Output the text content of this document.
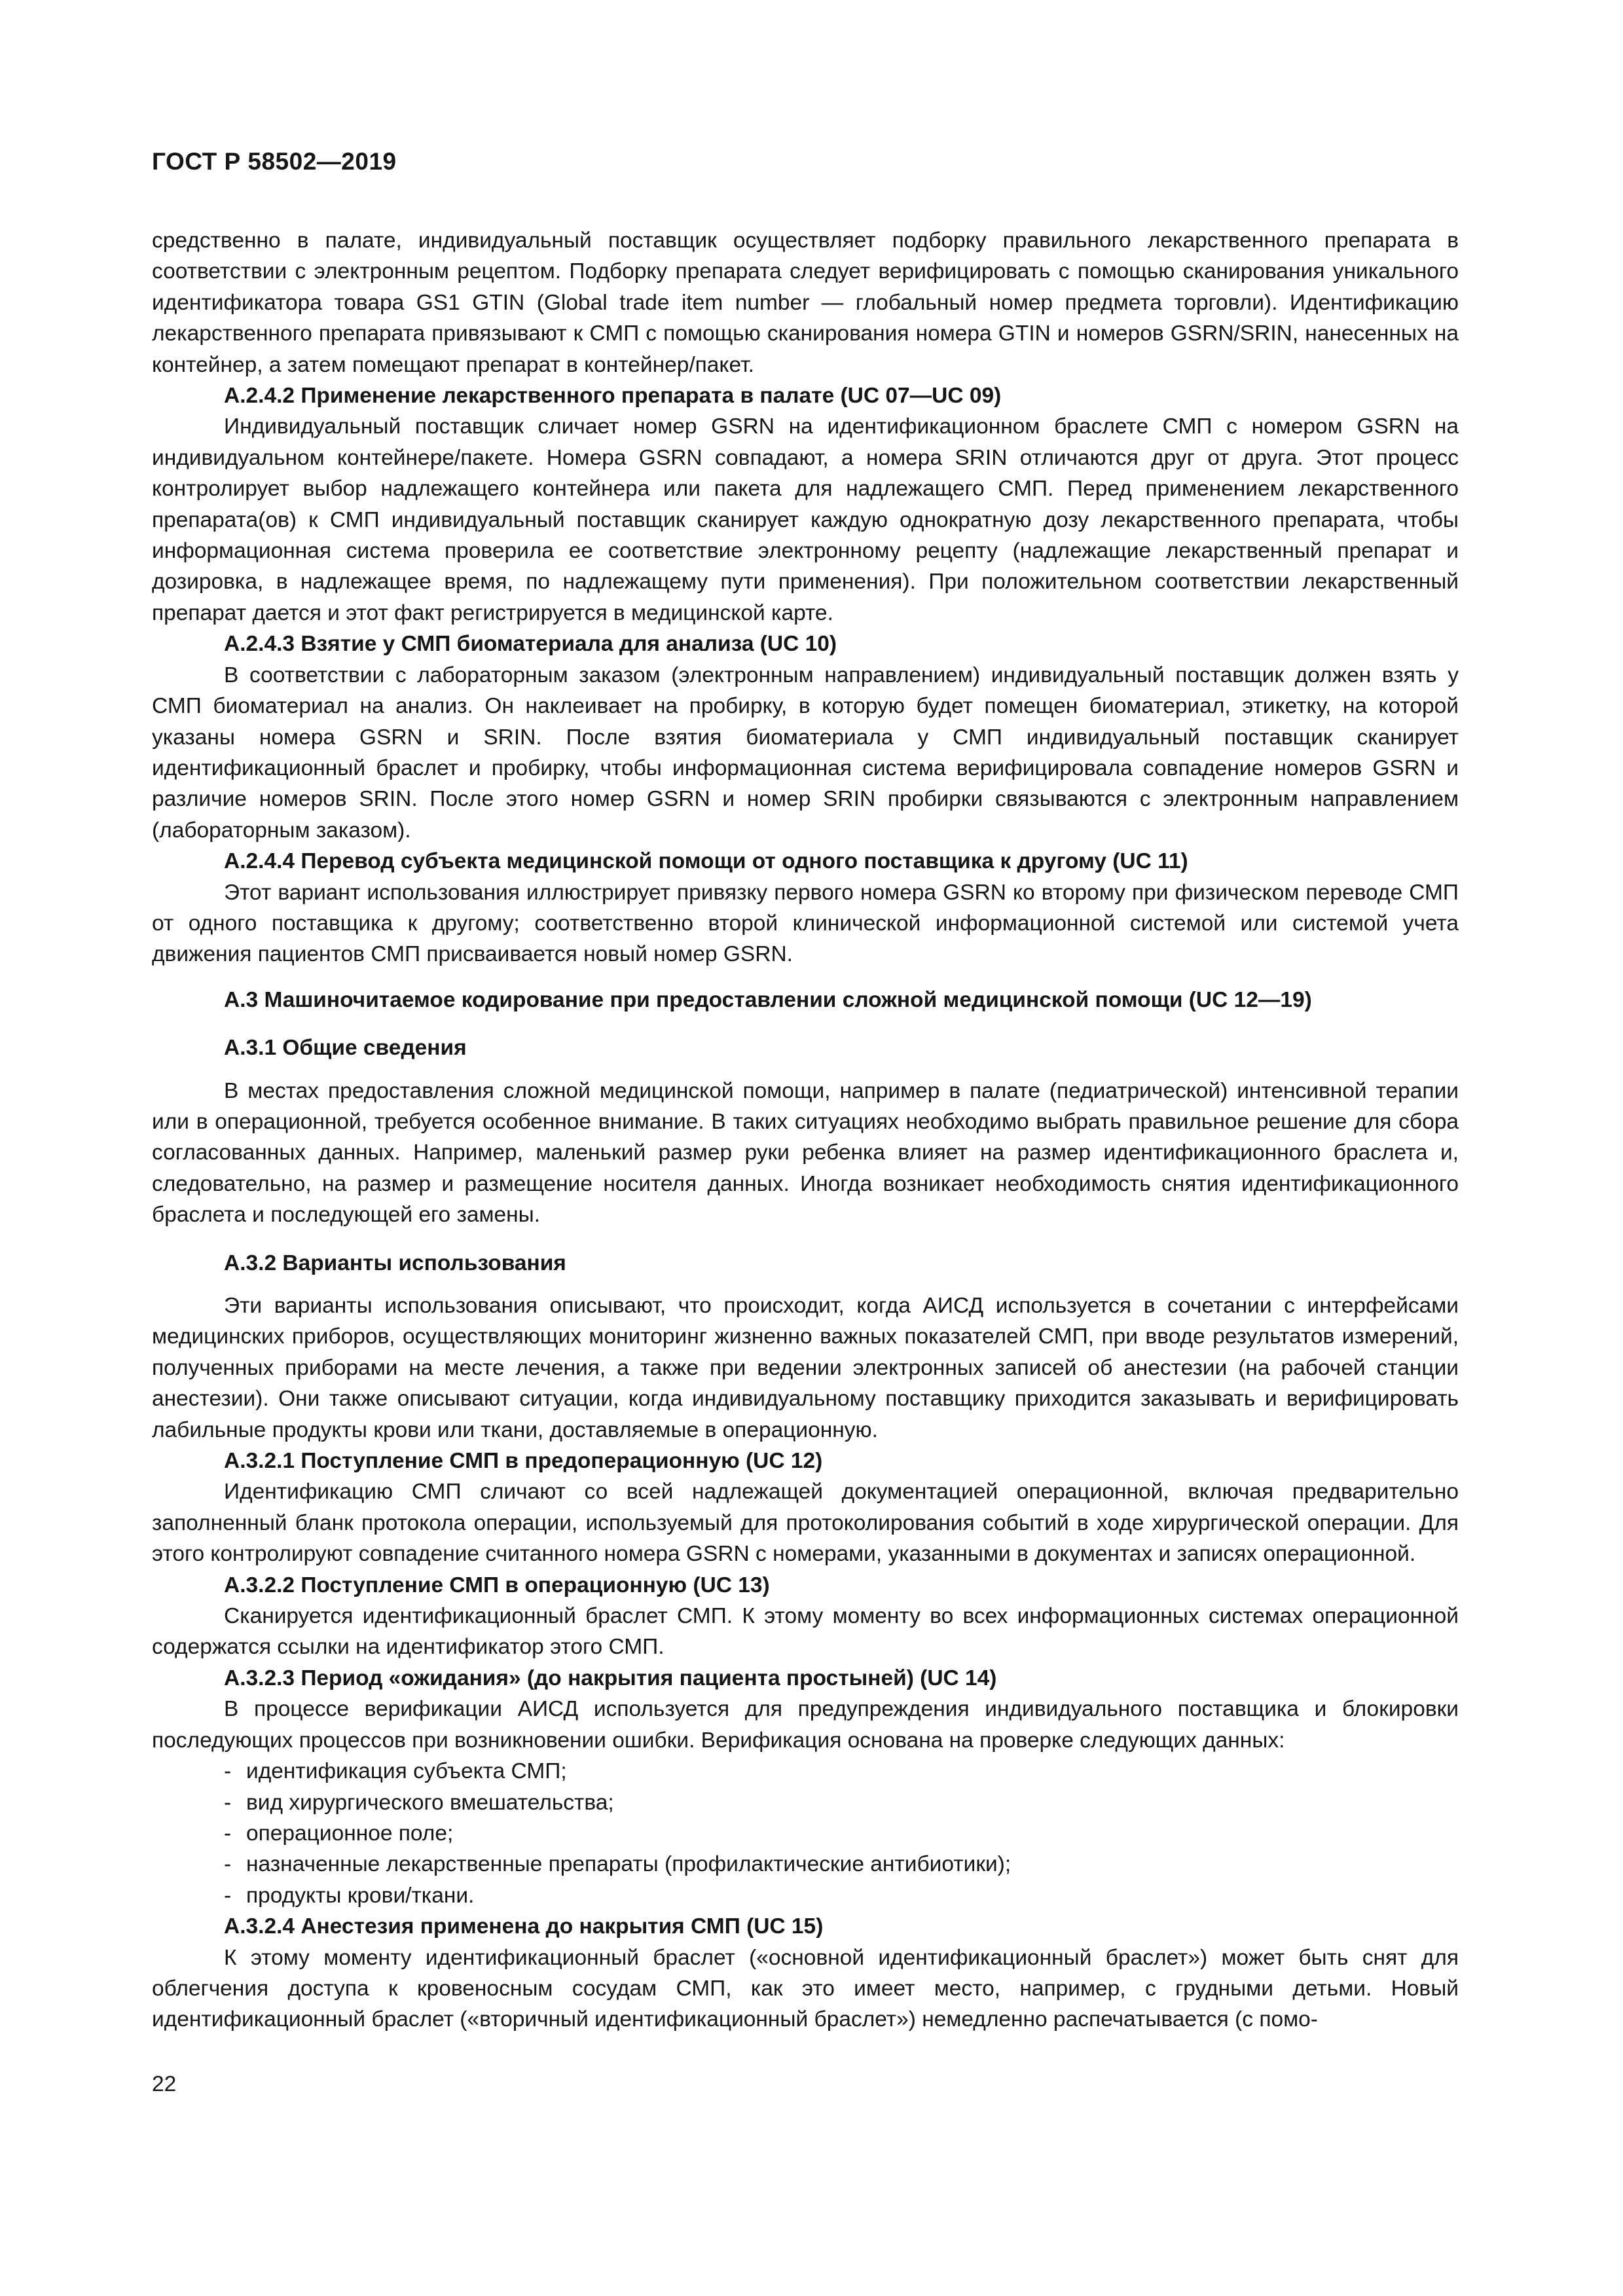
ГОСТ Р 58502—2019

средственно в палате, индивидуальный поставщик осуществляет подборку правильного лекарственного препарата в соответствии с электронным рецептом. Подборку препарата следует верифицировать с помощью сканирования уникального идентификатора товара GS1 GTIN (Global trade item number — глобальный номер предмета торговли). Идентификацию лекарственного препарата привязывают к СМП с помощью сканирования номера GTIN и номеров GSRN/SRIN, нанесенных на контейнер, а затем помещают препарат в контейнер/пакет.

А.2.4.2 Применение лекарственного препарата в палате (UC 07—UC 09)

Индивидуальный поставщик сличает номер GSRN на идентификационном браслете СМП с номером GSRN на индивидуальном контейнере/пакете. Номера GSRN совпадают, а номера SRIN отличаются друг от друга. Этот процесс контролирует выбор надлежащего контейнера или пакета для надлежащего СМП. Перед применением лекарственного препарата(ов) к СМП индивидуальный поставщик сканирует каждую однократную дозу лекарственного препарата, чтобы информационная система проверила ее соответствие электронному рецепту (надлежащие лекарственный препарат и дозировка, в надлежащее время, по надлежащему пути применения). При положительном соответствии лекарственный препарат дается и этот факт регистрируется в медицинской карте.

А.2.4.3 Взятие у СМП биоматериала для анализа (UC 10)

В соответствии с лабораторным заказом (электронным направлением) индивидуальный поставщик должен взять у СМП биоматериал на анализ. Он наклеивает на пробирку, в которую будет помещен биоматериал, этикетку, на которой указаны номера GSRN и SRIN. После взятия биоматериала у СМП индивидуальный поставщик сканирует идентификационный браслет и пробирку, чтобы информационная система верифицировала совпадение номеров GSRN и различие номеров SRIN. После этого номер GSRN и номер SRIN пробирки связываются с электронным направлением (лабораторным заказом).

А.2.4.4 Перевод субъекта медицинской помощи от одного поставщика к другому (UC 11)

Этот вариант использования иллюстрирует привязку первого номера GSRN ко второму при физическом переводе СМП от одного поставщика к другому; соответственно второй клинической информационной системой или системой учета движения пациентов СМП присваивается новый номер GSRN.

А.3 Машиночитаемое кодирование при предоставлении сложной медицинской помощи (UC 12—19)
А.3.1 Общие сведения

В местах предоставления сложной медицинской помощи, например в палате (педиатрической) интенсивной терапии или в операционной, требуется особенное внимание. В таких ситуациях необходимо выбрать правильное решение для сбора согласованных данных. Например, маленький размер руки ребенка влияет на размер идентификационного браслета и, следовательно, на размер и размещение носителя данных. Иногда возникает необходимость снятия идентификационного браслета и последующей его замены.

А.3.2 Варианты использования

Эти варианты использования описывают, что происходит, когда АИСД используется в сочетании с интерфейсами медицинских приборов, осуществляющих мониторинг жизненно важных показателей СМП, при вводе результатов измерений, полученных приборами на месте лечения, а также при ведении электронных записей об анестезии (на рабочей станции анестезии). Они также описывают ситуации, когда индивидуальному поставщику приходится заказывать и верифицировать лабильные продукты крови или ткани, доставляемые в операционную.

А.3.2.1 Поступление СМП в предоперационную (UC 12)

Идентификацию СМП сличают со всей надлежащей документацией операционной, включая предварительно заполненный бланк протокола операции, используемый для протоколирования событий в ходе хирургической операции. Для этого контролируют совпадение считанного номера GSRN с номерами, указанными в документах и записях операционной.

А.3.2.2 Поступление СМП в операционную (UC 13)

Сканируется идентификационный браслет СМП. К этому моменту во всех информационных системах операционной содержатся ссылки на идентификатор этого СМП.

А.3.2.3 Период «ожидания» (до накрытия пациента простыней) (UC 14)

В процессе верификации АИСД используется для предупреждения индивидуального поставщика и блокировки последующих процессов при возникновении ошибки. Верификация основана на проверке следующих данных:

- идентификация субъекта СМП;
- вид хирургического вмешательства;
- операционное поле;
- назначенные лекарственные препараты (профилактические антибиотики);
- продукты крови/ткани.
А.3.2.4 Анестезия применена до накрытия СМП (UC 15)

К этому моменту идентификационный браслет («основной идентификационный браслет») может быть снят для облегчения доступа к кровеносным сосудам СМП, как это имеет место, например, с грудными детьми. Новый идентификационный браслет («вторичный идентификационный браслет») немедленно распечатывается (с помо-

22
